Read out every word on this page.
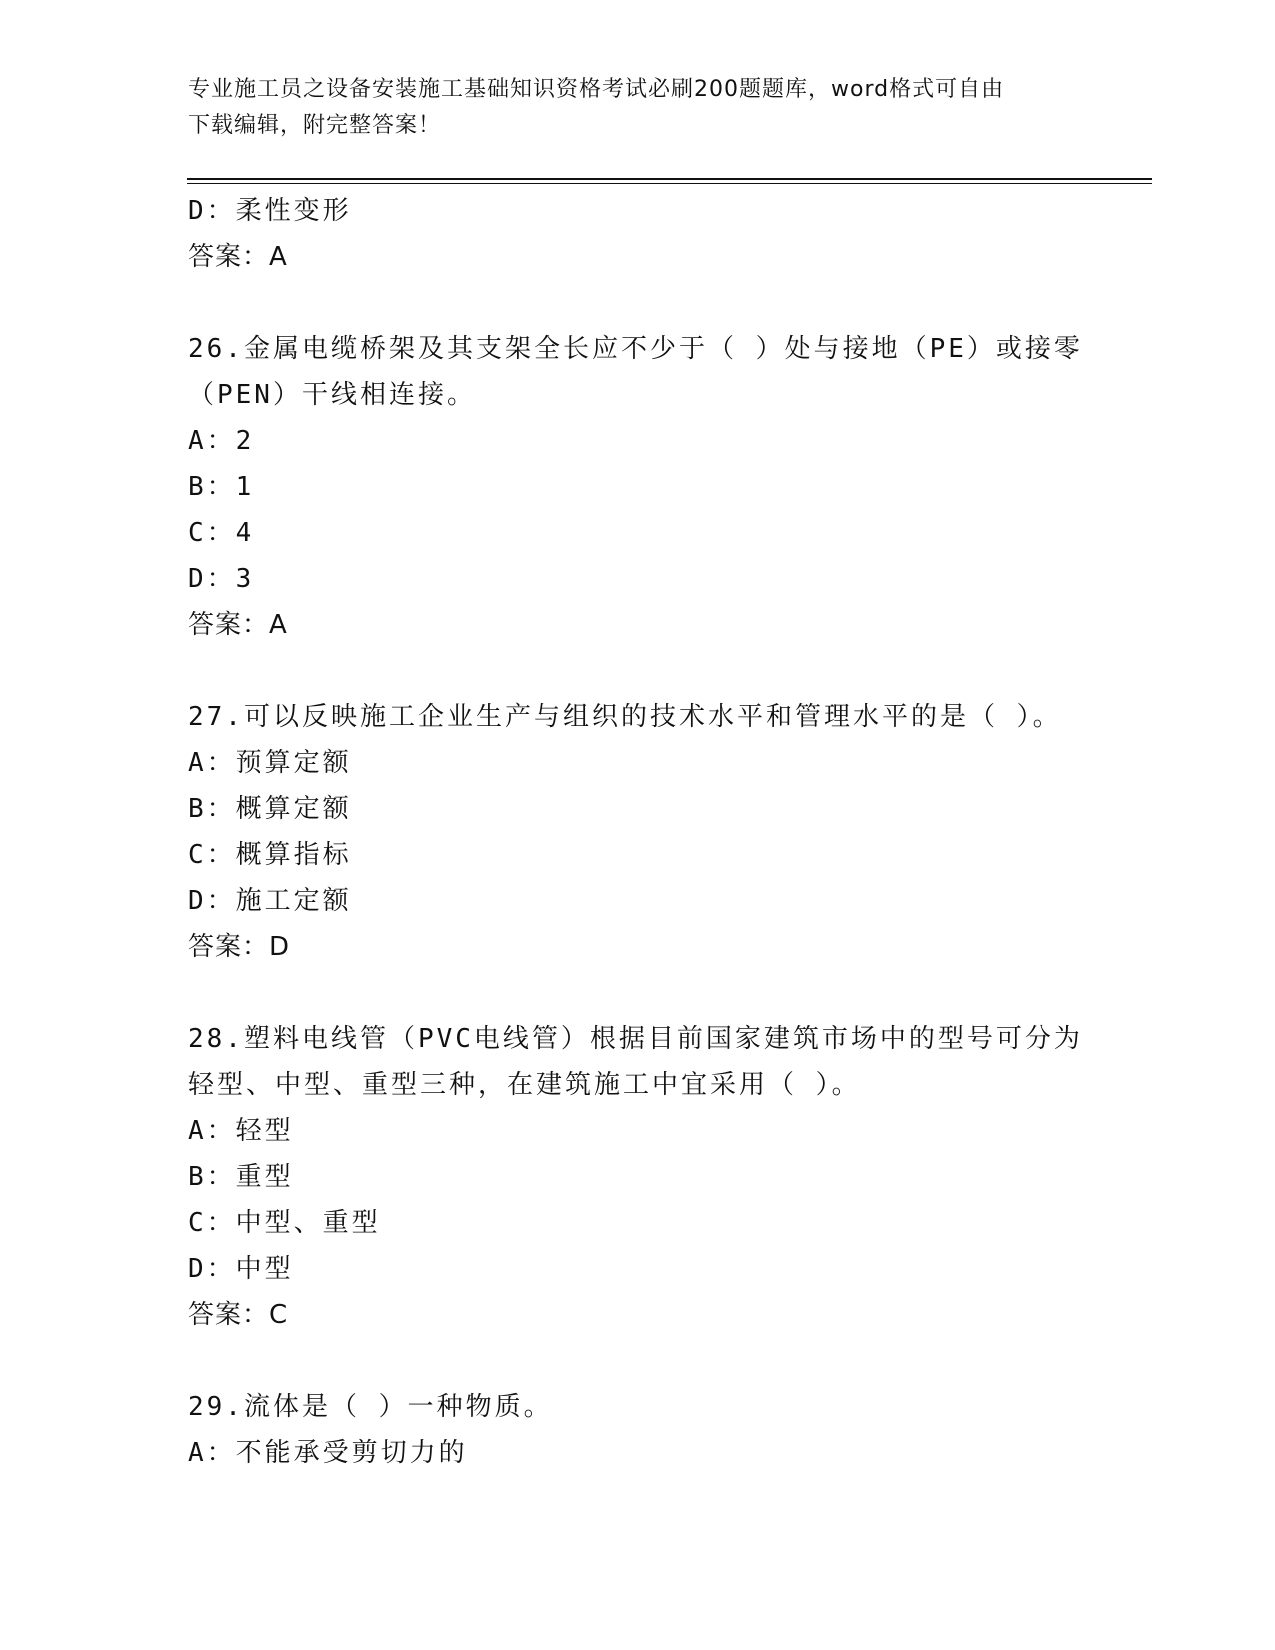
专业施工员之设备安装施工基础知识资格考试必刷200题题库，word格式可自由
下载编辑，附完整答案！
D：柔性变形
答案：A
26.金属电缆桥架及其支架全长应不少于（ ）处与接地（PE）或接零
（PEN）干线相连接。
A：2
B：1
C：4
D：3
答案：A
27.可以反映施工企业生产与组织的技术水平和管理水平的是（ ）。
A：预算定额
B：概算定额
C：概算指标
D：施工定额
答案：D
28.塑料电线管（PVC电线管）根据目前国家建筑市场中的型号可分为
轻型、中型、重型三种，在建筑施工中宜采用（ ）。
A：轻型
B：重型
C：中型、重型
D：中型
答案：C
29.流体是（ ）一种物质。
A：不能承受剪切力的
